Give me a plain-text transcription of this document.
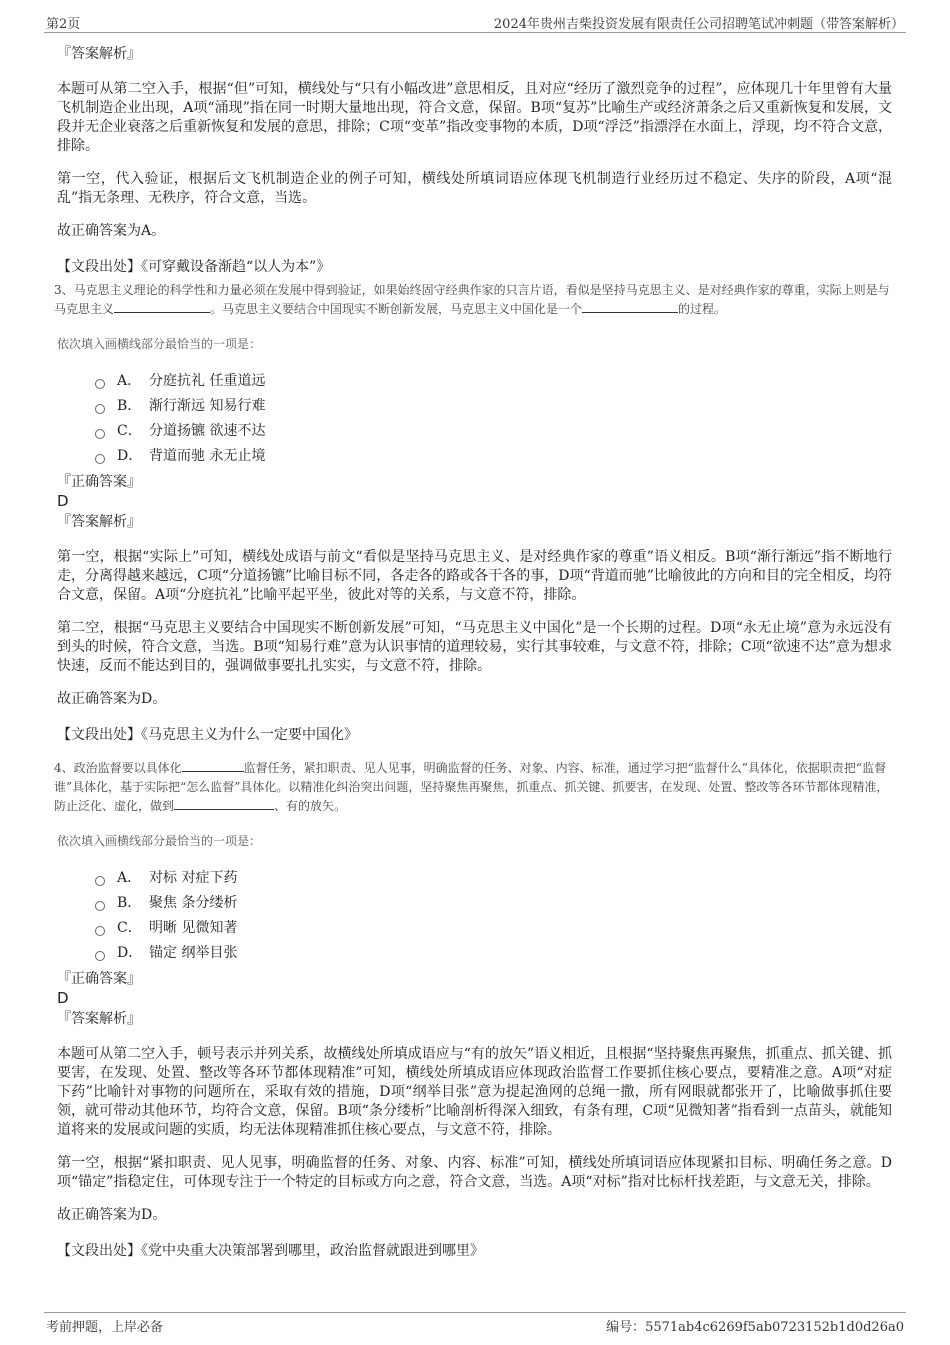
第2页	2024年贵州吉柴投资发展有限责任公司招聘笔试冲刺题（带答案解析）
『答案解析』
本题可从第二空入手，根据“但”可知，横线处与“只有小幅改进”意思相反，且对应“经历了激烈竞争的过程”，应体现几十年里曾有大量飞机制造企业出现，A项“涌现”指在同一时期大量地出现，符合文意，保留。B项“复苏”比喻生产或经济萧条之后又重新恢复和发展，文段并无企业衰落之后重新恢复和发展的意思，排除；C项“变革”指改变事物的本质，D项“浮泛”指漂浮在水面上，浮现，均不符合文意，排除。
第一空，代入验证，根据后文飞机制造企业的例子可知，横线处所填词语应体现飞机制造行业经历过不稳定、失序的阶段，A项“混乱”指无条理、无秩序，符合文意，当选。
故正确答案为A。
【文段出处】《可穿戴设备渐趋“以人为本”》
3、马克思主义理论的科学性和力量必须在发展中得到验证，如果始终固守经典作家的只言片语，看似是坚持马克思主义、是对经典作家的尊重，实际上则是与马克思主义	。马克思主义要结合中国现实不断创新发展，马克思主义中国化是一个	的过程。
依次填入画横线部分最恰当的一项是：
A． 分庭抗礼 任重道远
B． 渐行渐远 知易行难
C． 分道扬镳 欲速不达
D． 背道而驰 永无止境
『正确答案』
D
『答案解析』
第一空，根据“实际上”可知，横线处成语与前文“看似是坚持马克思主义、是对经典作家的尊重”语义相反。B项“渐行渐远”指不断地行走，分离得越来越远，C项“分道扬镳”比喻目标不同，各走各的路或各干各的事，D项“背道而驰”比喻彼此的方向和目的完全相反，均符合文意，保留。A项“分庭抗礼”比喻平起平坐，彼此对等的关系，与文意不符，排除。
第二空，根据“马克思主义要结合中国现实不断创新发展”可知，“马克思主义中国化”是一个长期的过程。D项“永无止境”意为永远没有到头的时候，符合文意，当选。B项“知易行难”意为认识事情的道理较易，实行其事较难，与文意不符，排除；C项“欲速不达”意为想求快速，反而不能达到目的，强调做事要扎扎实实，与文意不符，排除。
故正确答案为D。
【文段出处】《马克思主义为什么一定要中国化》
4、政治监督要以具体化	监督任务，紧扣职责、见人见事，明确监督的任务、对象、内容、标准，通过学习把“监督什么”具体化，依据职责把“监督谁”具体化，基于实际把“怎么监督”具体化。以精准化纠治突出问题，坚持聚焦再聚焦，抓重点、抓关键、抓要害，在发现、处置、整改等各环节都体现精准，防止泛化、虚化，做到	、有的放矢。
依次填入画横线部分最恰当的一项是：
A． 对标 对症下药
B． 聚焦 条分缕析
C． 明晰 见微知著
D． 锚定 纲举目张
『正确答案』
D
『答案解析』
本题可从第二空入手，顿号表示并列关系，故横线处所填成语应与“有的放矢”语义相近，且根据“坚持聚焦再聚焦，抓重点、抓关键、抓要害，在发现、处置、整改等各环节都体现精准”可知，横线处所填成语应体现政治监督工作要抓住核心要点，要精准之意。A项“对症下药”比喻针对事物的问题所在，采取有效的措施，D项“纲举目张”意为提起渔网的总绳一撒，所有网眼就都张开了，比喻做事抓住要领，就可带动其他环节，均符合文意，保留。B项“条分缕析”比喻剖析得深入细致，有条有理，C项“见微知著”指看到一点苗头，就能知道将来的发展或问题的实质，均无法体现精准抓住核心要点，与文意不符，排除。
第一空，根据“紧扣职责、见人见事，明确监督的任务、对象、内容、标准”可知，横线处所填词语应体现紧扣目标、明确任务之意。D项“锚定”指稳定住，可体现专注于一个特定的目标或方向之意，符合文意，当选。A项“对标”指对比标杆找差距，与文意无关，排除。
故正确答案为D。
【文段出处】《党中央重大决策部署到哪里，政治监督就跟进到哪里》
考前押题，上岸必备	编号：5571ab4c6269f5ab0723152b1d0d26a0
